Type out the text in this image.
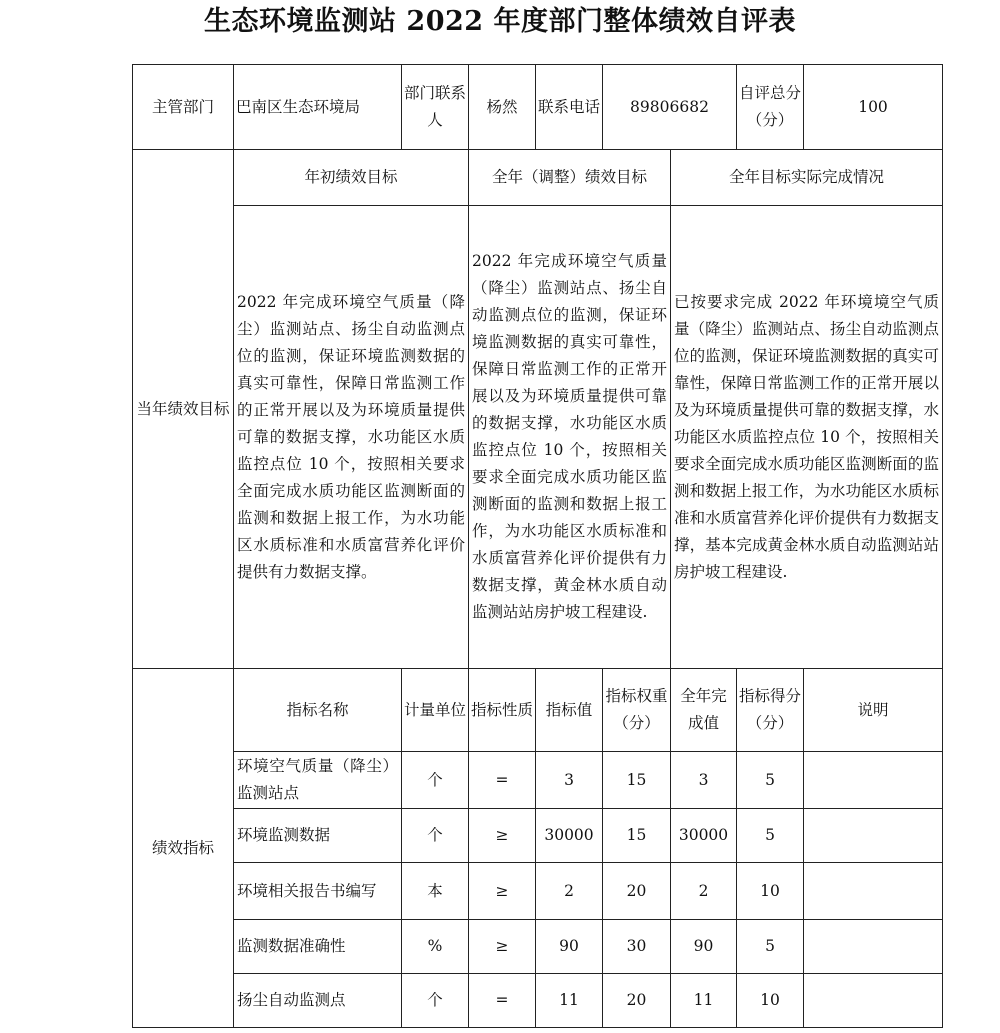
生态环境监测站 2022 年度部门整体绩效自评表
主管部门	巴南区生态环境局	部门联系人	杨然	联系电话	89806682		自评总分（分）	100
当年绩效目标	年初绩效目标		全年（调整）绩效目标			全年目标实际完成情况		
	2022 年完成环境空气质量（降尘）监测站点、扬尘自动监测点位的监测，保证环境监测数据的真实可靠性，保障日常监测工作的正常开展以及为环境质量提供可靠的数据支撑，水功能区水质监控点位 10 个，按照相关要求全面完成水质功能区监测断面的监测和数据上报工作，为水功能区水质标准和水质富营养化评价提供有力数据支撑。		2022 年完成环境空气质量（降尘）监测站点、扬尘自动监测点位的监测，保证环境监测数据的真实可靠性，保障日常监测工作的正常开展以及为环境质量提供可靠的数据支撑，水功能区水质监控点位 10 个，按照相关要求全面完成水质功能区监测断面的监测和数据上报工作，为水功能区水质标准和水质富营养化评价提供有力数据支撑，黄金林水质自动监测站站房护坡工程建设.			已按要求完成 2022 年环境境空气质量（降尘）监测站点、扬尘自动监测点位的监测，保证环境监测数据的真实可靠性，保障日常监测工作的正常开展以及为环境质量提供可靠的数据支撑，水功能区水质监控点位 10 个，按照相关要求全面完成水质功能区监测断面的监测和数据上报工作，为水功能区水质标准和水质富营养化评价提供有力数据支撑，基本完成黄金林水质自动监测站站房护坡工程建设.		
绩效指标	指标名称	计量单位	指标性质	指标值	指标权重（分）	全年完成值	指标得分（分）	说明
	环境空气质量（降尘）监测站点	个	=	3	15	3	5	
	环境监测数据	个	≥	30000	15	30000	5	
	环境相关报告书编写	本	≥	2	20	2	10	
	监测数据准确性	%	≥	90	30	90	5	
	扬尘自动监测点	个	=	11	20	11	10	
